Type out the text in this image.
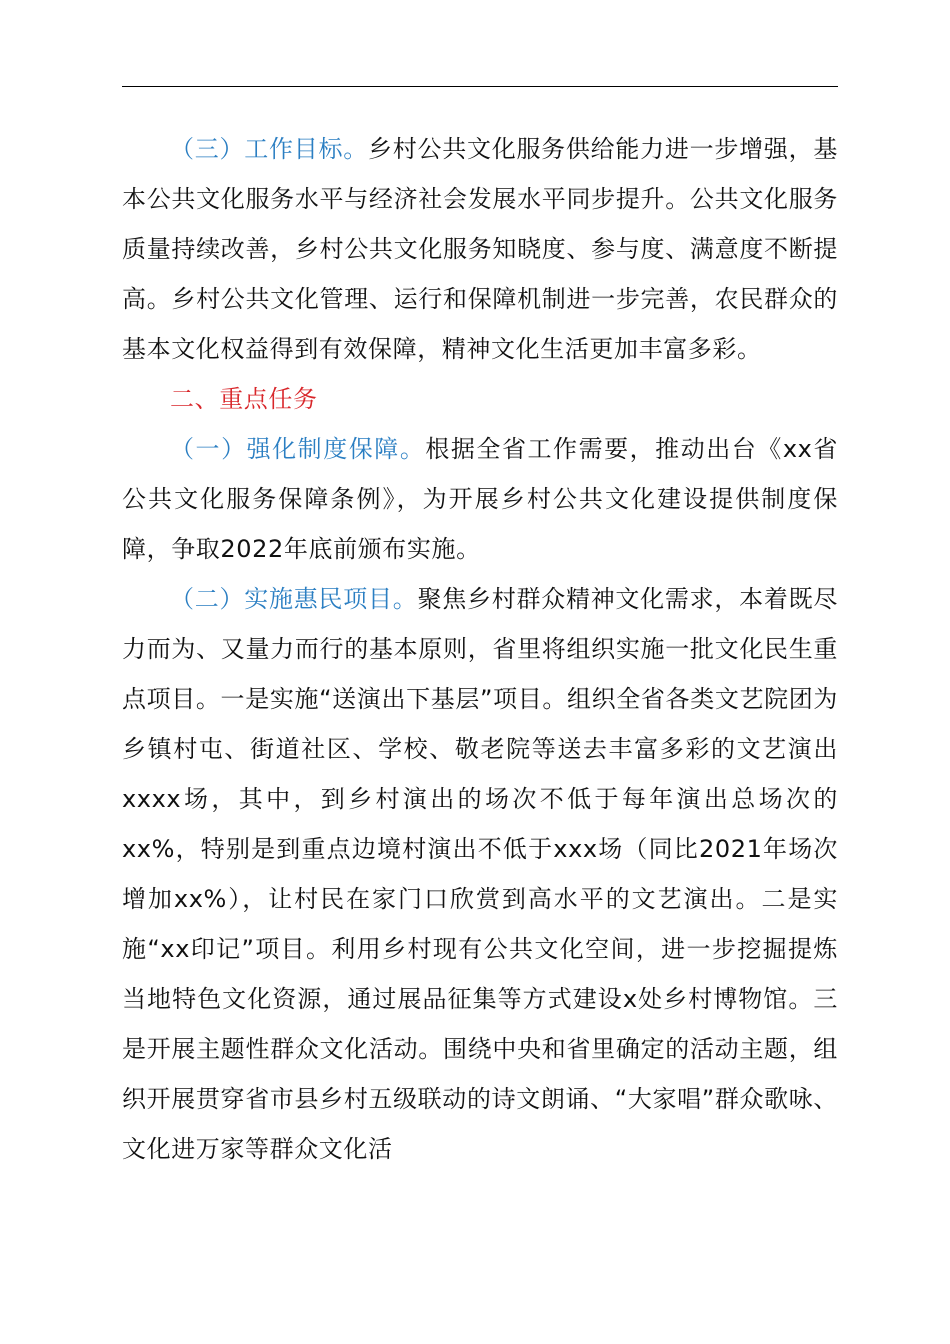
（三）工作目标。乡村公共文化服务供给能力进一步增强，基本公共文化服务水平与经济社会发展水平同步提升。公共文化服务质量持续改善，乡村公共文化服务知晓度、参与度、满意度不断提高。乡村公共文化管理、运行和保障机制进一步完善，农民群众的基本文化权益得到有效保障，精神文化生活更加丰富多彩。

二、重点任务

（一）强化制度保障。根据全省工作需要，推动出台《xx省公共文化服务保障条例》，为开展乡村公共文化建设提供制度保障，争取2022年底前颁布实施。

（二）实施惠民项目。聚焦乡村群众精神文化需求，本着既尽力而为、又量力而行的基本原则，省里将组织实施一批文化民生重点项目。一是实施“送演出下基层”项目。组织全省各类文艺院团为乡镇村屯、街道社区、学校、敬老院等送去丰富多彩的文艺演出xxxx场，其中，到乡村演出的场次不低于每年演出总场次的xx%，特别是到重点边境村演出不低于xxx场（同比2021年场次增加xx%），让村民在家门口欣赏到高水平的文艺演出。二是实施“xx印记”项目。利用乡村现有公共文化空间，进一步挖掘提炼当地特色文化资源，通过展品征集等方式建设x处乡村博物馆。三是开展主题性群众文化活动。围绕中央和省里确定的活动主题，组织开展贯穿省市县乡村五级联动的诗文朗诵、“大家唱”群众歌咏、文化进万家等群众文化活
